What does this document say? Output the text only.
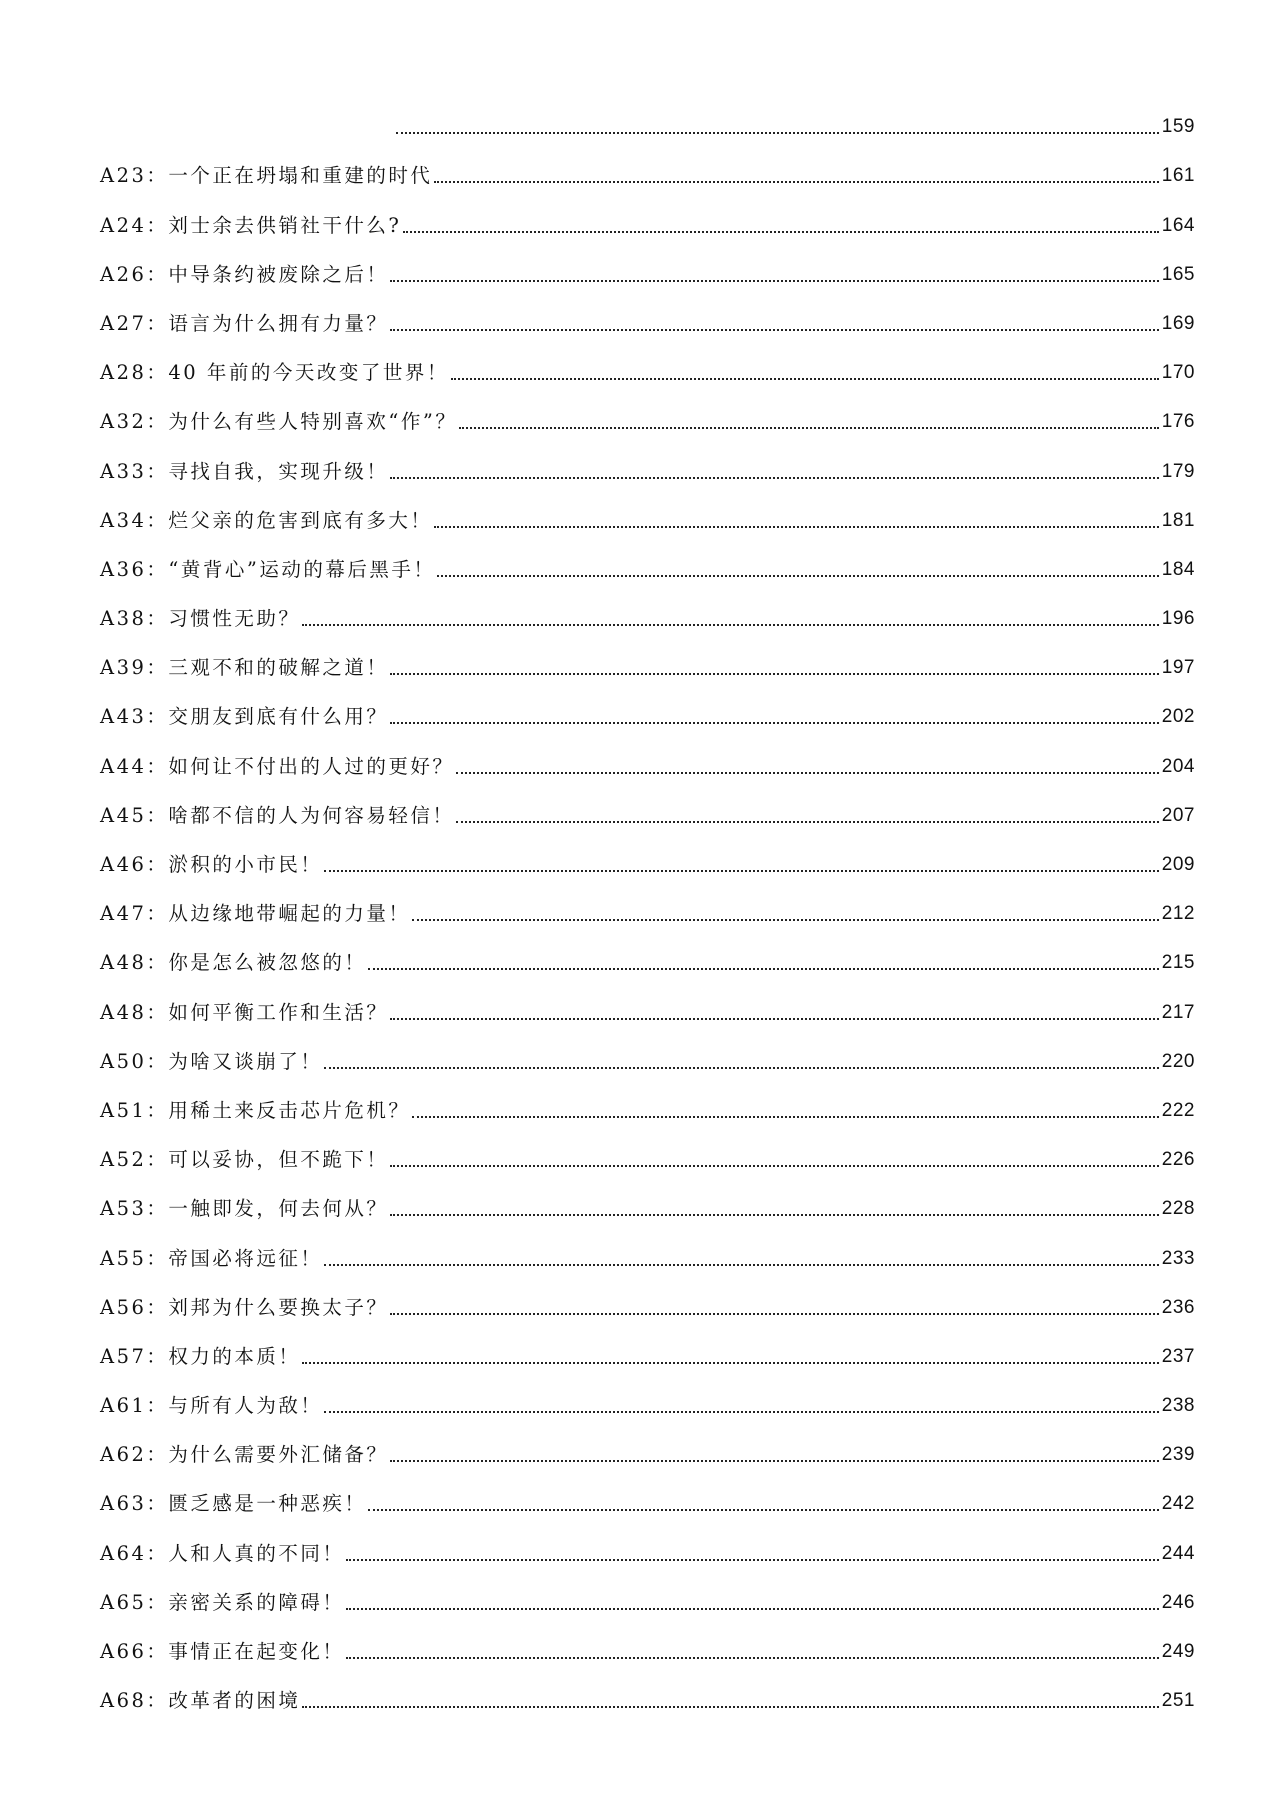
159
A23：一个正在坍塌和重建的时代	161
A24：刘士余去供销社干什么?	164
A26：中导条约被废除之后！	165
A27：语言为什么拥有力量？	169
A28：40 年前的今天改变了世界！	170
A32：为什么有些人特别喜欢“作”？	176
A33：寻找自我，实现升级！	179
A34：烂父亲的危害到底有多大！	181
A36：“黄背心”运动的幕后黑手！	184
A38：习惯性无助？	196
A39：三观不和的破解之道！	197
A43：交朋友到底有什么用？	202
A44：如何让不付出的人过的更好？	204
A45：啥都不信的人为何容易轻信！	207
A46：淤积的小市民！	209
A47：从边缘地带崛起的力量！	212
A48：你是怎么被忽悠的！	215
A48：如何平衡工作和生活？	217
A50：为啥又谈崩了！	220
A51：用稀土来反击芯片危机？	222
A52：可以妥协，但不跪下！	226
A53：一触即发，何去何从？	228
A55：帝国必将远征！	233
A56：刘邦为什么要换太子？	236
A57：权力的本质！	237
A61：与所有人为敌！	238
A62：为什么需要外汇储备？	239
A63：匮乏感是一种恶疾！	242
A64：人和人真的不同！	244
A65：亲密关系的障碍！	246
A66：事情正在起变化！	249
A68：改革者的困境	251
